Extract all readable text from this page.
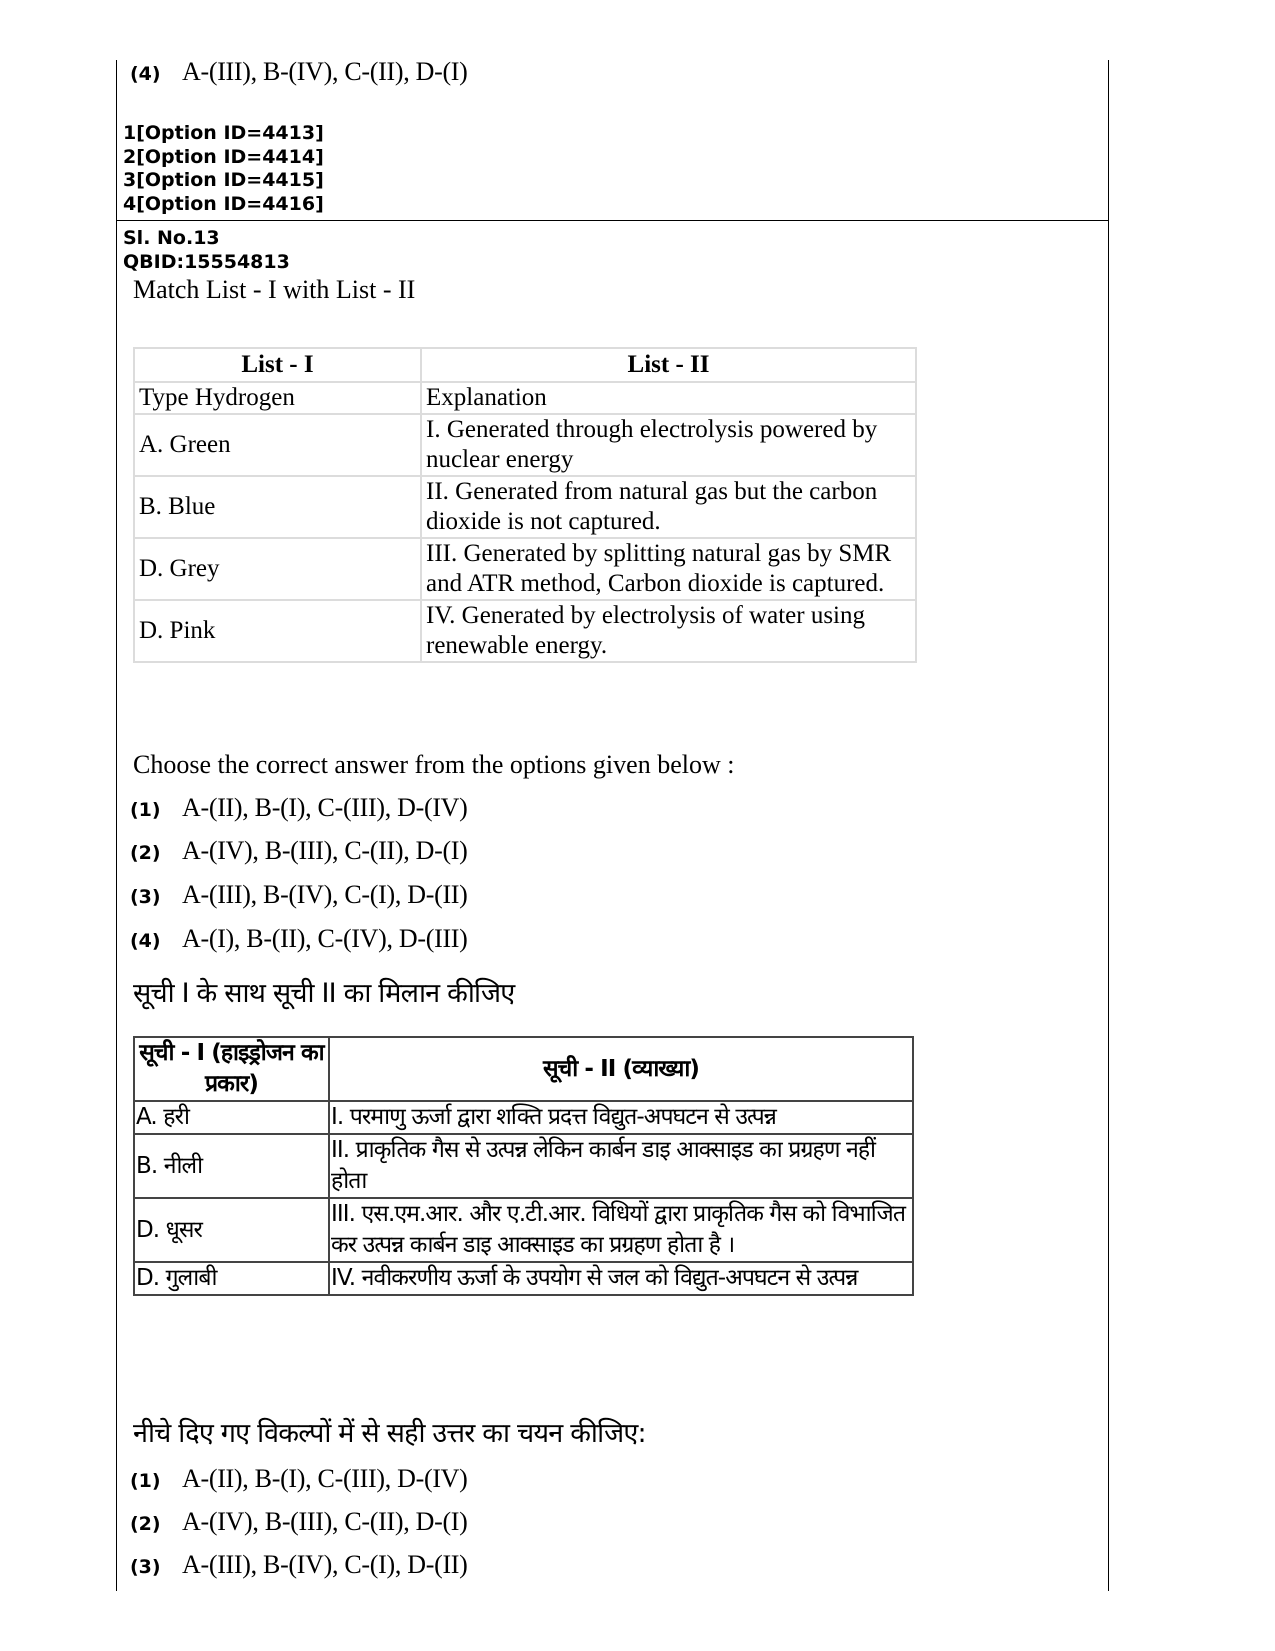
(4) A-(III), B-(IV), C-(II), D-(I)
1[Option ID=4413]
2[Option ID=4414]
3[Option ID=4415]
4[Option ID=4416]
Sl. No.13
QBID:15554813
Match List - I with List - II
List - I	List - II
Type Hydrogen	Explanation
A. Green	I. Generated through electrolysis powered by nuclear energy
B. Blue	II. Generated from natural gas but the carbon dioxide is not captured.
D. Grey	III. Generated by splitting natural gas by SMR and ATR method, Carbon dioxide is captured.
D. Pink	IV. Generated by electrolysis of water using renewable energy.
Choose the correct answer from the options given below :
(1) A-(II), B-(I), C-(III), D-(IV)
(2) A-(IV), B-(III), C-(II), D-(I)
(3) A-(III), B-(IV), C-(I), D-(II)
(4) A-(I), B-(II), C-(IV), D-(III)
सूची I के साथ सूची II का मिलान कीजिए
सूची - I (हाइड्रोजन का प्रकार)	सूची - II (व्याख्या)
A. हरी	I. परमाणु ऊर्जा द्वारा शक्ति प्रदत्त विद्युत-अपघटन से उत्पन्न
B. नीली	II. प्राकृतिक गैस से उत्पन्न लेकिन कार्बन डाइ आक्साइड का प्रग्रहण नहीं होता
D. धूसर	III. एस.एम.आर. और ए.टी.आर. विधियों द्वारा प्राकृतिक गैस को विभाजित कर उत्पन्न कार्बन डाइ आक्साइड का प्रग्रहण होता है ।
D. गुलाबी	IV. नवीकरणीय ऊर्जा के उपयोग से जल को विद्युत-अपघटन से उत्पन्न
नीचे दिए गए विकल्पों में से सही उत्तर का चयन कीजिए:
(1) A-(II), B-(I), C-(III), D-(IV)
(2) A-(IV), B-(III), C-(II), D-(I)
(3) A-(III), B-(IV), C-(I), D-(II)
